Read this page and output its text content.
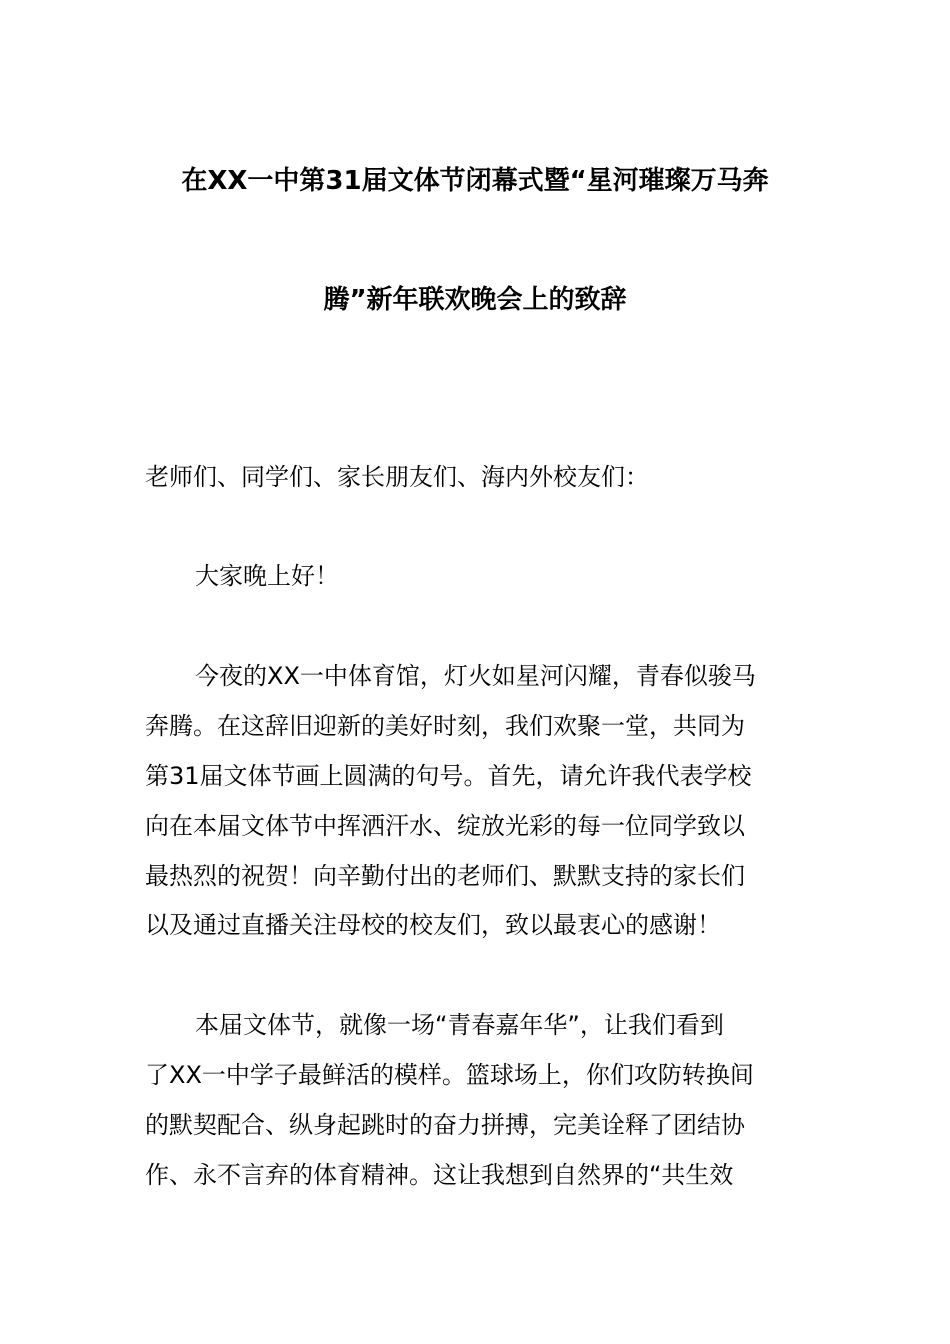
在XX一中第31届文体节闭幕式暨“星河璀璨万马奔
腾”新年联欢晚会上的致辞
老师们、同学们、家长朋友们、海内外校友们：
大家晚上好！
今夜的XX一中体育馆，灯火如星河闪耀，青春似骏马
奔腾。在这辞旧迎新的美好时刻，我们欢聚一堂，共同为
第31届文体节画上圆满的句号。首先，请允许我代表学校
向在本届文体节中挥洒汗水、绽放光彩的每一位同学致以
最热烈的祝贺！向辛勤付出的老师们、默默支持的家长们
以及通过直播关注母校的校友们，致以最衷心的感谢！
本届文体节，就像一场“青春嘉年华”，让我们看到
了XX一中学子最鲜活的模样。篮球场上，你们攻防转换间
的默契配合、纵身起跳时的奋力拼搏，完美诠释了团结协
作、永不言弃的体育精神。这让我想到自然界的“共生效
